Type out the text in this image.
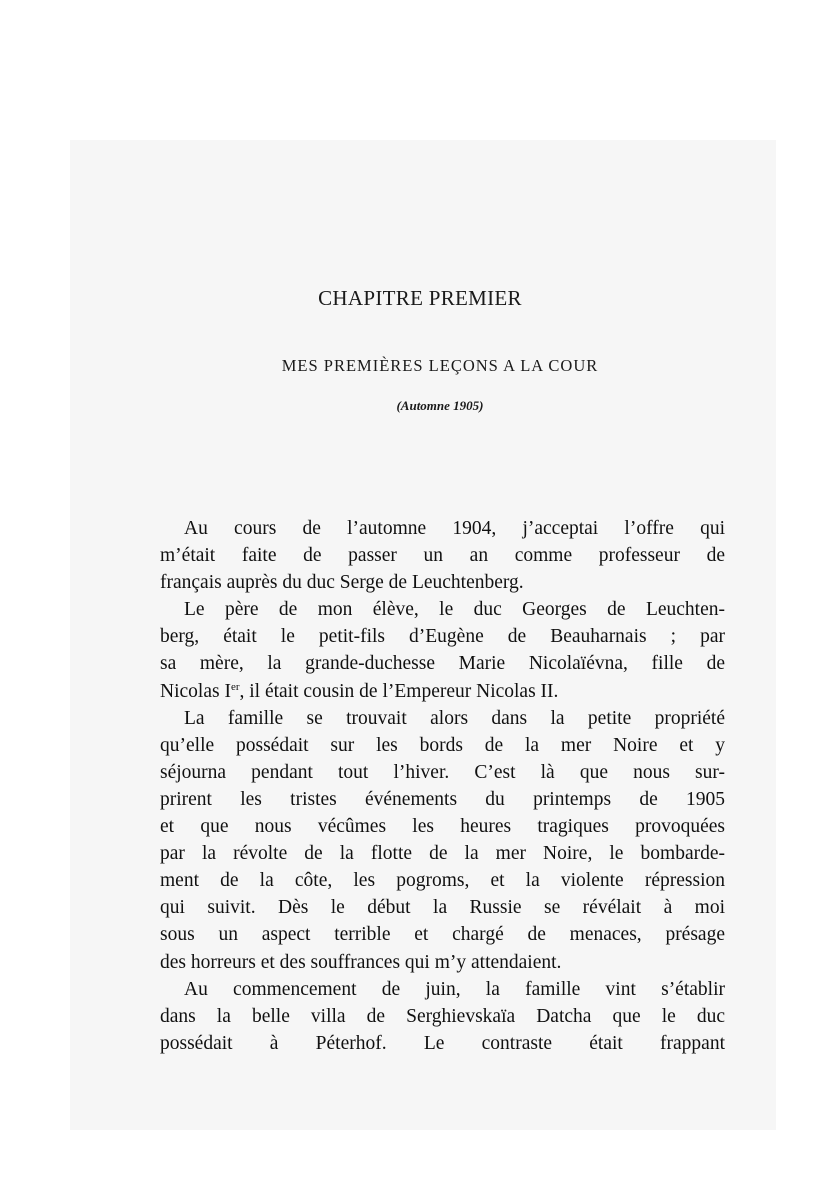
CHAPITRE PREMIER
MES PREMIÈRES LEÇONS A LA COUR
(Automne 1905)
Au cours de l’automne 1904, j’acceptai l’offre qui
m’était faite de passer un an comme professeur de
français auprès du duc Serge de Leuchtenberg.
Le père de mon élève, le duc Georges de Leuchten-
berg, était le petit-fils d’Eugène de Beauharnais ; par
sa mère, la grande-duchesse Marie Nicolaïévna, fille de
Nicolas Ier, il était cousin de l’Empereur Nicolas II.
La famille se trouvait alors dans la petite propriété
qu’elle possédait sur les bords de la mer Noire et y
séjourna pendant tout l’hiver. C’est là que nous sur-
prirent les tristes événements du printemps de 1905
et que nous vécûmes les heures tragiques provoquées
par la révolte de la flotte de la mer Noire, le bombarde-
ment de la côte, les pogroms, et la violente répression
qui suivit. Dès le début la Russie se révélait à moi
sous un aspect terrible et chargé de menaces, présage
des horreurs et des souffrances qui m’y attendaient.
Au commencement de juin, la famille vint s’établir
dans la belle villa de Serghievskaïa Datcha que le duc
possédait à Péterhof. Le contraste était frappant
